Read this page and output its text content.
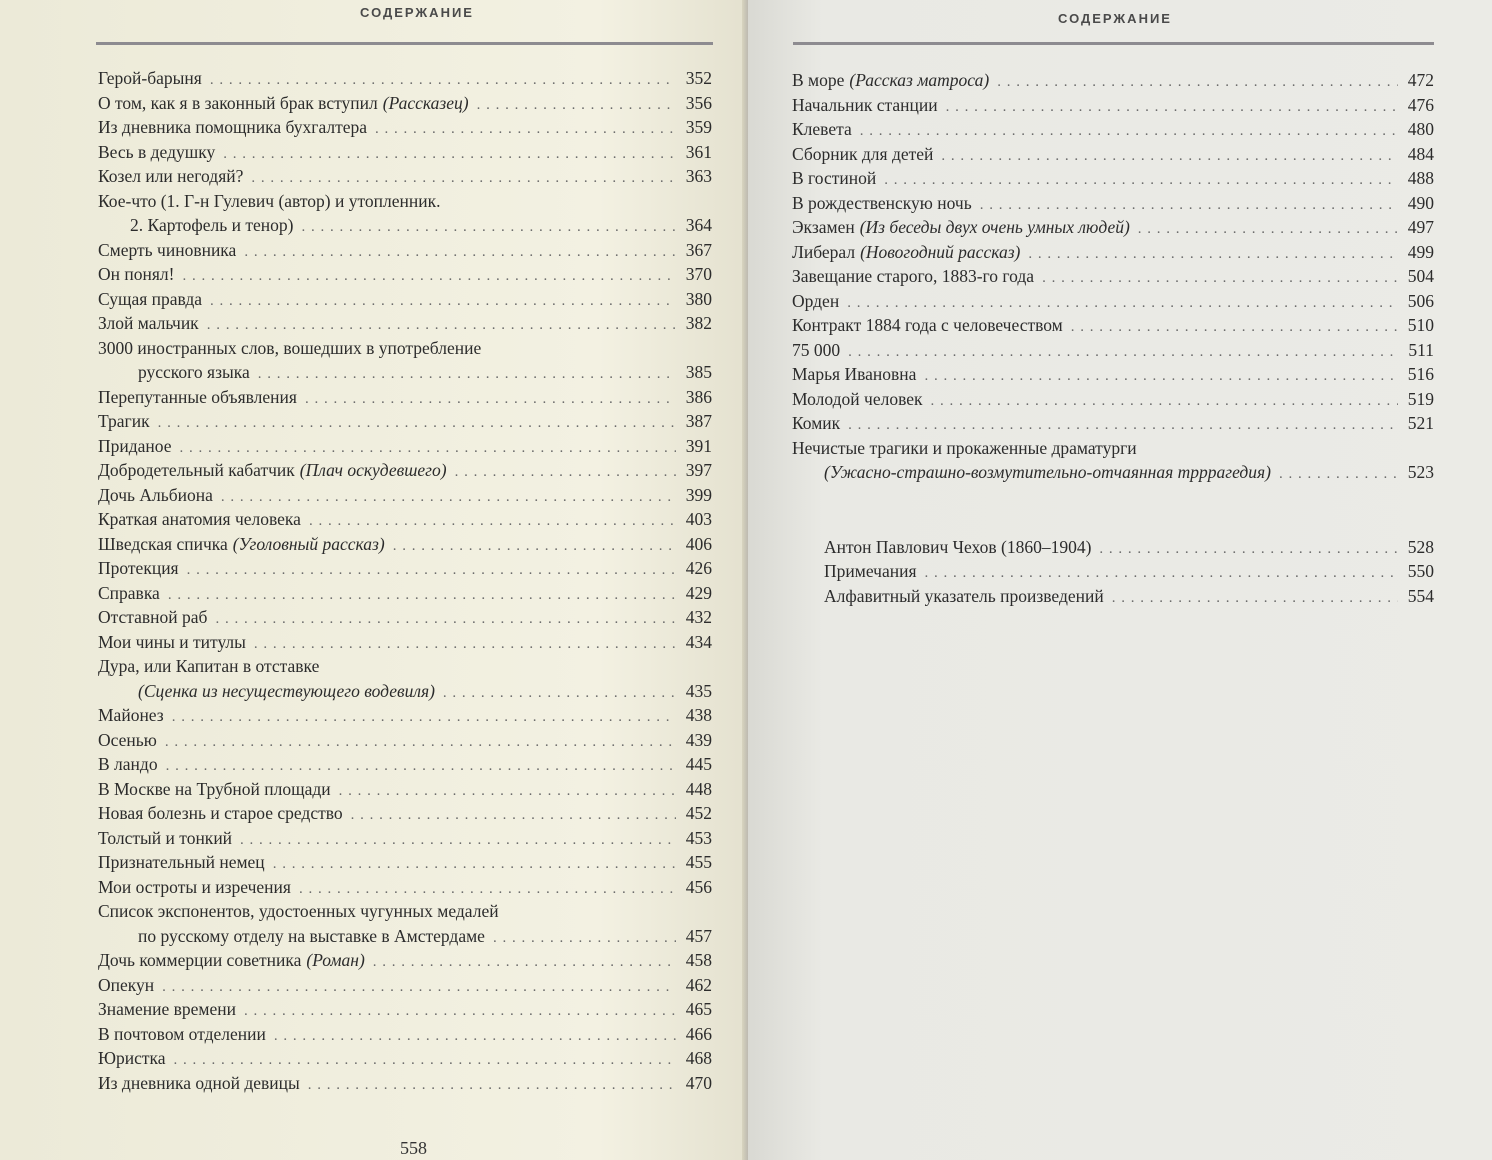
СОДЕРЖАНИЕ
Герой-барыня . . .	352
О том, как я в законный брак вступил (Рассказец) . . .	356
Из дневника помощника бухгалтера . . .	359
Весь в дедушку . . .	361
Козел или негодяй? . . .	363
Кое-что (1. Г-н Гулевич (автор) и утопленник.
2. Картофель и тенор) . . .	364
Смерть чиновника . . .	367
Он понял! . . .	370
Сущая правда . . .	380
Злой мальчик . . .	382
3000 иностранных слов, вошедших в употребление
русского языка . . .	385
Перепутанные объявления . . .	386
Трагик . . .	387
Приданое . . .	391
Добродетельный кабатчик (Плач оскудевшего) . . .	397
Дочь Альбиона . . .	399
Краткая анатомия человека . . .	403
Шведская спичка (Уголовный рассказ) . . .	406
Протекция . . .	426
Справка . . .	429
Отставной раб . . .	432
Мои чины и титулы . . .	434
Дура, или Капитан в отставке
(Сценка из несуществующего водевиля) . . .	435
Майонез . . .	438
Осенью . . .	439
В ландо . . .	445
В Москве на Трубной площади . . .	448
Новая болезнь и старое средство . . .	452
Толстый и тонкий . . .	453
Признательный немец . . .	455
Мои остроты и изречения . . .	456
Список экспонентов, удостоенных чугунных медалей
по русскому отделу на выставке в Амстердаме . . .	457
Дочь коммерции советника (Роман) . . .	458
Опекун . . .	462
Знамение времени . . .	465
В почтовом отделении . . .	466
Юристка . . .	468
Из дневника одной девицы . . .	470
558
СОДЕРЖАНИЕ
В море (Рассказ матроса) . . .	472
Начальник станции . . .	476
Клевета . . .	480
Сборник для детей . . .	484
В гостиной . . .	488
В рождественскую ночь . . .	490
Экзамен (Из беседы двух очень умных людей) . . .	497
Либерал (Новогодний рассказ) . . .	499
Завещание старого, 1883-го года . . .	504
Орден . . .	506
Контракт 1884 года с человечеством . . .	510
75 000 . . .	511
Марья Ивановна . . .	516
Молодой человек . . .	519
Комик . . .	521
Нечистые трагики и прокаженные драматурги
(Ужасно-страшно-возмутительно-отчаянная трррагедия) . . .	523
Антон Павлович Чехов (1860–1904) . . .	528
Примечания . . .	550
Алфавитный указатель произведений . . .	554
